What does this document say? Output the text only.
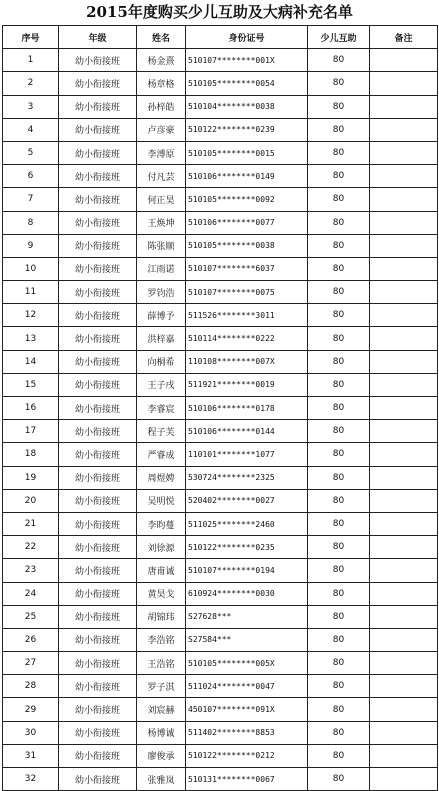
2015年度购买少儿互助及大病补充名单
序号	年级	姓名	身份证号	少儿互助	备注
1	幼小衔接班	杨金熹	510107********001X	80	
2	幼小衔接班	杨章格	510105********0054	80	
3	幼小衔接班	孙梓皓	510104********0038	80	
4	幼小衔接班	卢彦豪	510122********0239	80	
5	幼小衔接班	李溥原	510105********0015	80	
6	幼小衔接班	付凡芸	510106********0149	80	
7	幼小衔接班	何正昊	510105********0092	80	
8	幼小衔接班	王焕坤	510106********0077	80	
9	幼小衔接班	陈张顺	510105********0038	80	
10	幼小衔接班	江雨诺	510107********6037	80	
11	幼小衔接班	罗钧浩	510107********0075	80	
12	幼小衔接班	薛博予	511526********3011	80	
13	幼小衔接班	洪梓嘉	510114********0222	80	
14	幼小衔接班	向桐希	110108********007X	80	
15	幼小衔接班	王子戌	511921********0019	80	
16	幼小衔接班	李睿宸	510106********0178	80	
17	幼小衔接班	程子芙	510106********0144	80	
18	幼小衔接班	严睿成	110101********1077	80	
19	幼小衔接班	周煜娉	530724********2325	80	
20	幼小衔接班	吴明悦	520402********0027	80	
21	幼小衔接班	李昀蔓	511025********2460	80	
22	幼小衔接班	刘徐源	510122********0235	80	
23	幼小衔接班	唐甫诚	510107********0194	80	
24	幼小衔接班	黄昊戈	610924********0030	80	
25	幼小衔接班	胡锦玮	S27628***	80	
26	幼小衔接班	李浩铭	S27584***	80	
27	幼小衔接班	王浩铭	510105********005X	80	
28	幼小衔接班	罗子淇	511024********0047	80	
29	幼小衔接班	刘宸赫	450107********091X	80	
30	幼小衔接班	杨博诚	511402********8853	80	
31	幼小衔接班	廖俊承	510122********0212	80	
32	幼小衔接班	张雅岚	510131********0067	80	
